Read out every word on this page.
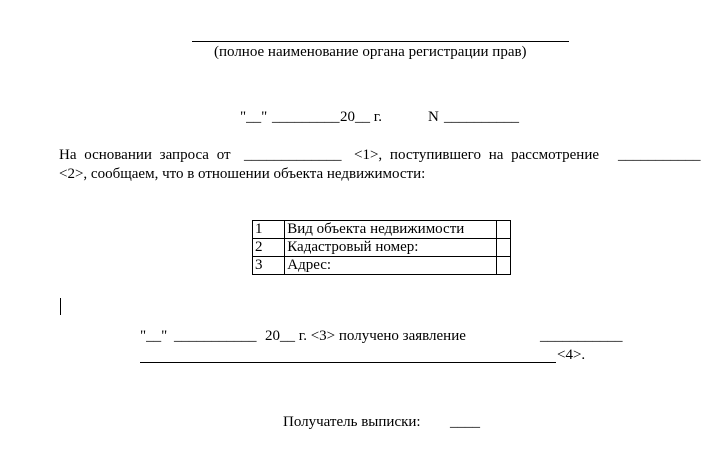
(полное наименование органа регистрации прав)
"__" _________ 20__ г.	N __________
На основании запроса от _____________ <1>, поступившего на рассмотрение ___________
<2>, сообщаем, что в отношении объекта недвижимости:
1	Вид объекта недвижимости	
2	Кадастровый номер:	
3	Адрес:	
"__" ___________ 20__ г. <3> получено заявление	___________
<4>.
Получатель выписки: ____
